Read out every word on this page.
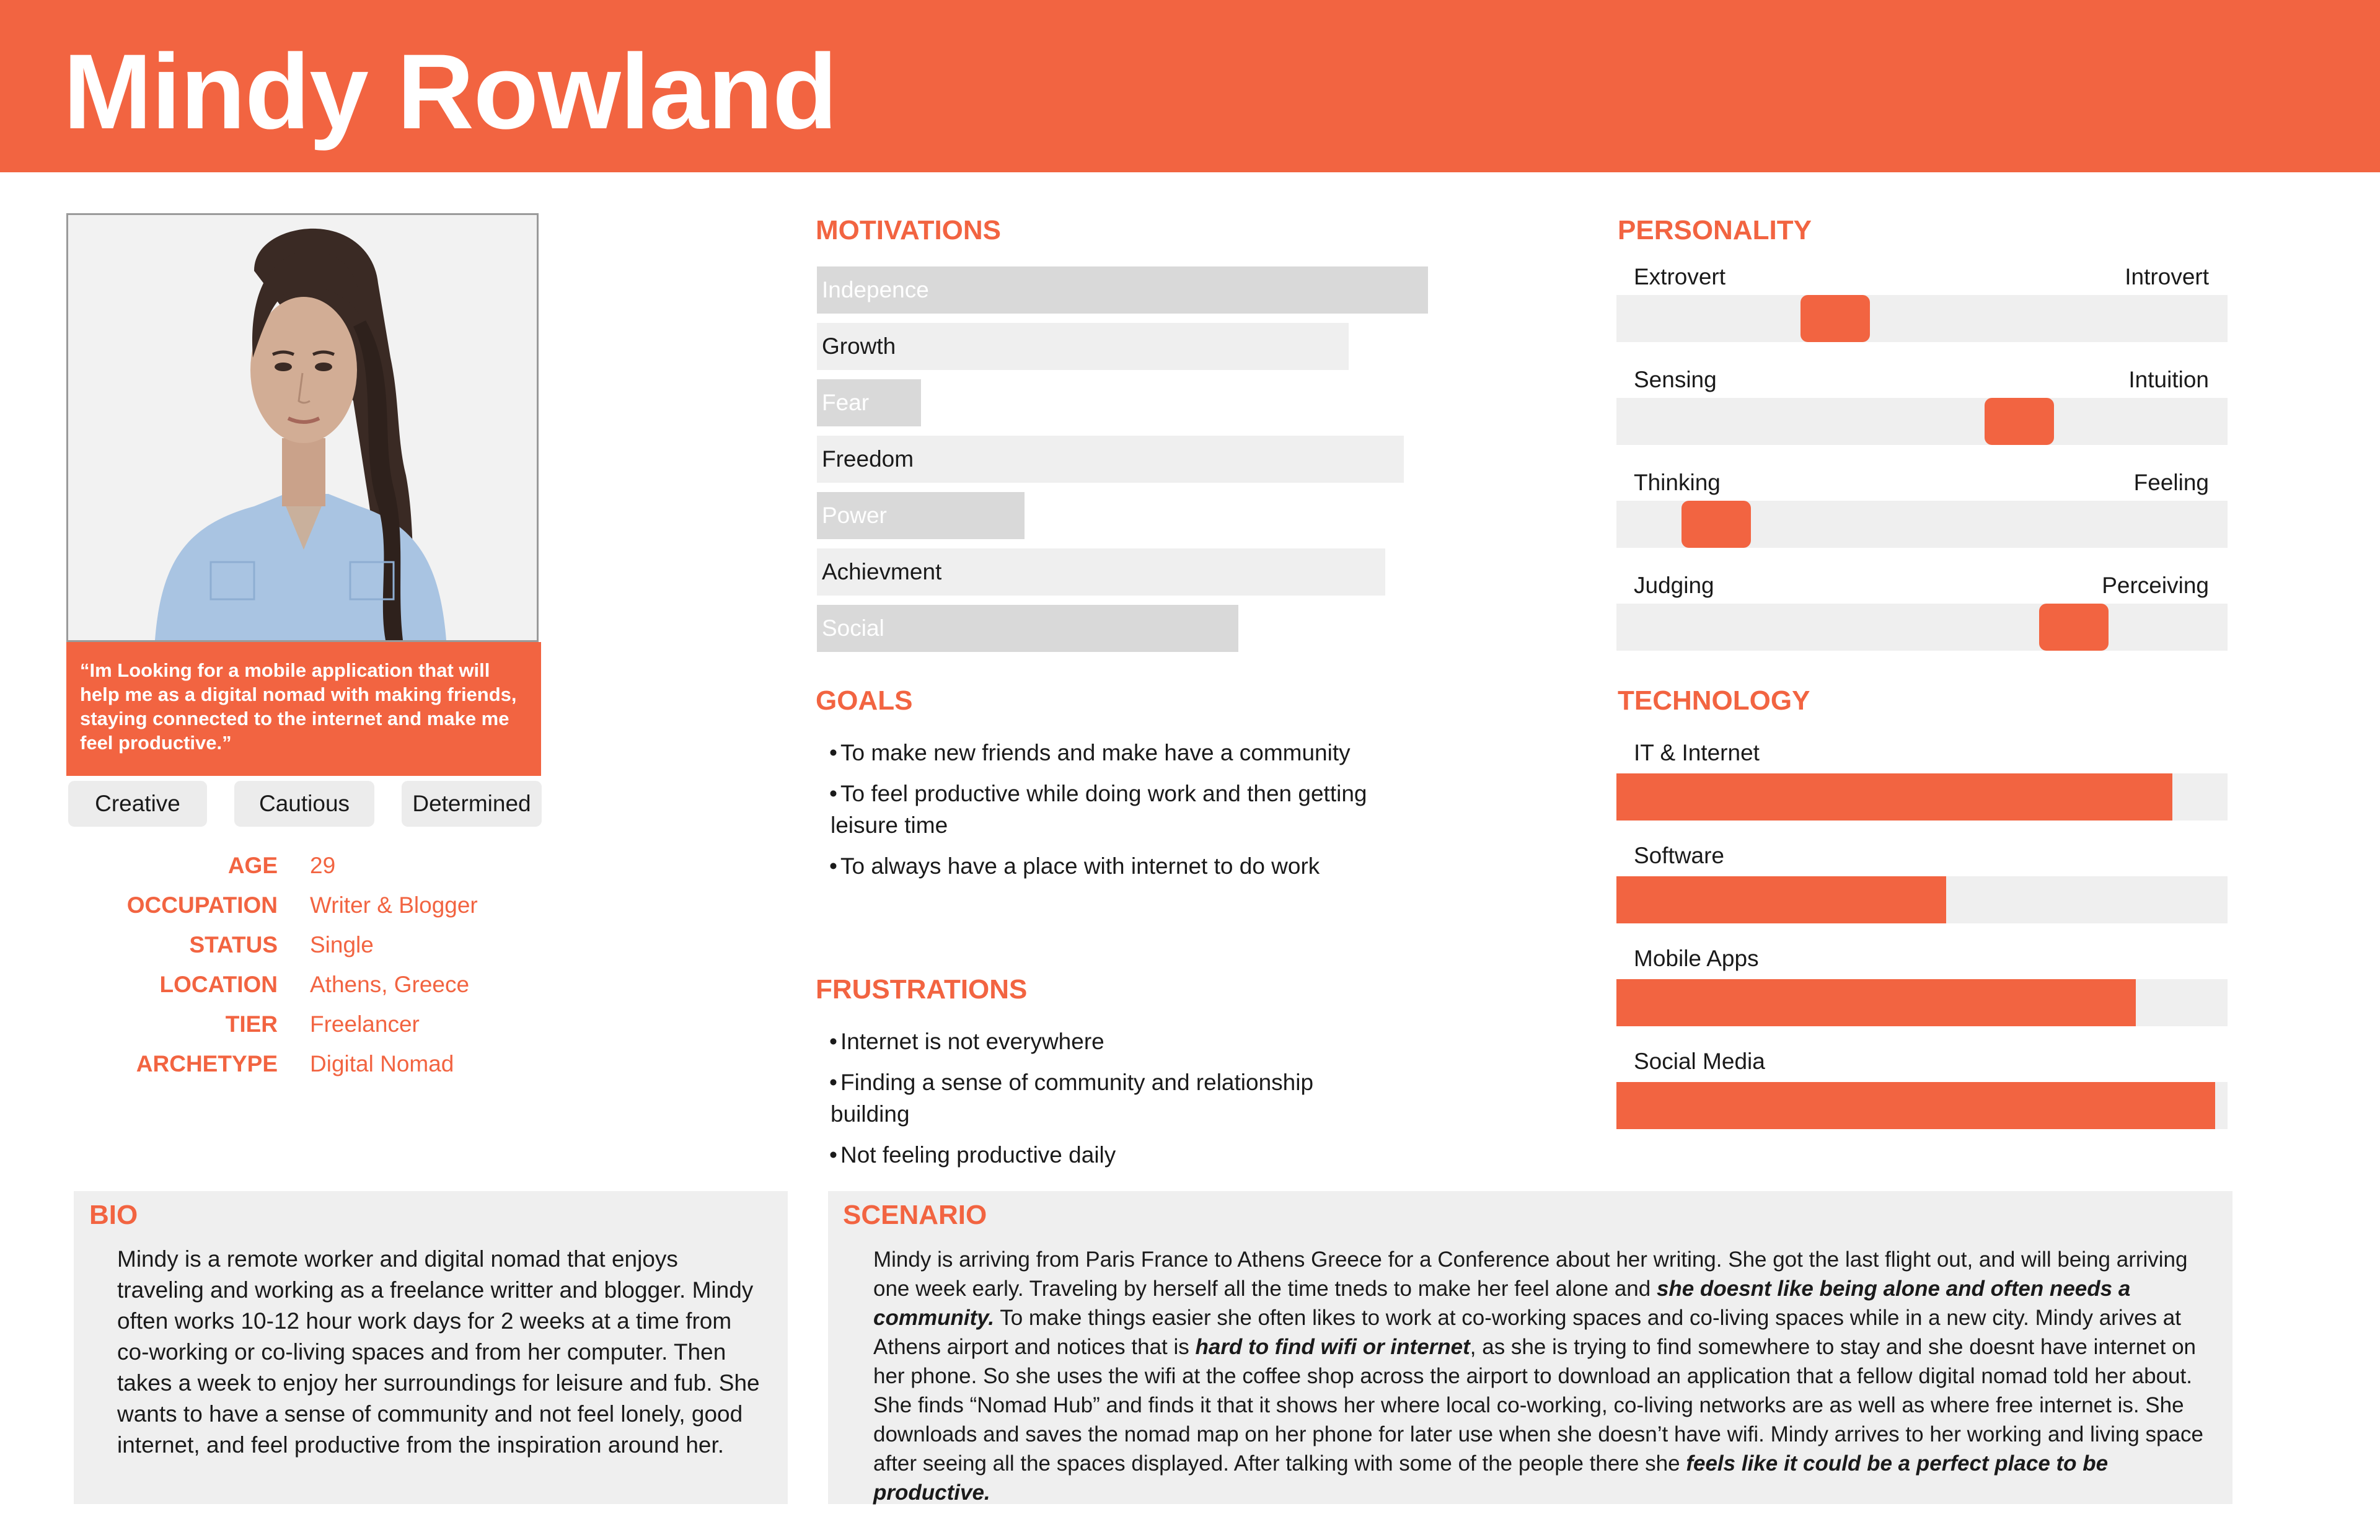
Mindy Rowland
“Im Looking for a mobile application that will help me as a digital nomad with making friends, staying connected to the internet and make me feel productive.”
Creative	Cautious	Determined
AGE 29
OCCUPATION Writer & Blogger
STATUS Single
LOCATION Athens, Greece
TIER Freelancer
ARCHETYPE Digital Nomad
MOTIVATIONS
Indepence
Growth
Fear
Freedom
Power
Achievment
Social
GOALS
• To make new friends and make have a community
• To feel productive while doing work and then getting leisure time
• To always have a place with internet to do work
FRUSTRATIONS
• Internet is not everywhere
• Finding a sense of community and relationship building
• Not feeling productive daily
PERSONALITY
Extrovert	Introvert
Sensing	Intuition
Thinking	Feeling
Judging	Perceiving
TECHNOLOGY
IT & Internet
Software
Mobile Apps
Social Media
BIO
Mindy is a remote worker and digital nomad that enjoys traveling and working as a freelance writter and blogger. Mindy often works 10-12 hour work days for 2 weeks at a time from co-working or co-living spaces and from her computer. Then takes a week to enjoy her surroundings for leisure and fub. She wants to have a sense of community and not feel lonely, good internet, and feel productive from the inspiration around her.
SCENARIO
Mindy is arriving from Paris France to Athens Greece for a Conference about her writing. She got the last flight out, and will being arriving one week early. Traveling by herself all the time tneds to make her feel alone and she doesnt like being alone and often needs a community. To make things easier she often likes to work at co-working spaces and co-living spaces while in a new city. Mindy arives at Athens airport and notices that is hard to find wifi or internet, as she is trying to find somewhere to stay and she doesnt have internet on her phone. So she uses the wifi at the coffee shop across the airport to download an application that a fellow digital nomad told her about. She finds “Nomad Hub” and finds it that it shows her where local co-working, co-living networks are as well as where free internet is. She downloads and saves the nomad map on her phone for later use when she doesn’t have wifi. Mindy arrives to her working and living space after seeing all the spaces displayed. After talking with some of the people there she feels like it could be a perfect place to be productive.
